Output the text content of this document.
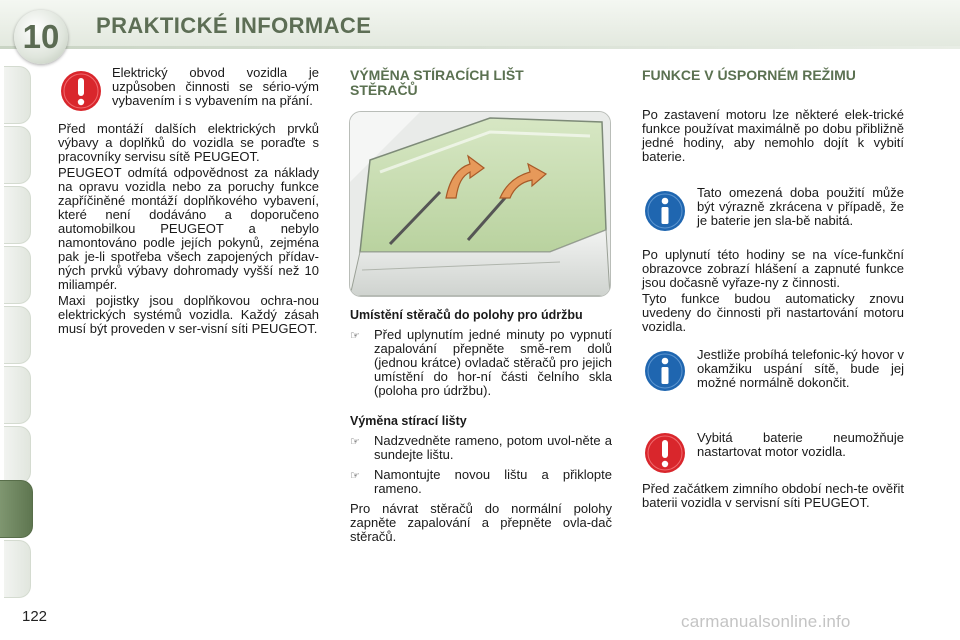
10	PRAKTICKÉ INFORMACE

Elektrický obvod vozidla je uzpůsoben činnosti se sério-vým vybavením i s vybavením na přání.

Před montáží dalších elektrických prvků výbavy a doplňků do vozidla se poraďte s pracovníky servisu sítě PEUGEOT.

PEUGEOT odmítá odpovědnost za náklady na opravu vozidla nebo za poruchy funkce zapříčiněné montáží doplňkového vybavení, které není dodáváno a doporučeno automobilkou PEUGEOT a nebylo namontováno podle jejích pokynů, zejména pak je-li spotřeba všech zapojených přídav-ných prvků výbavy dohromady vyšší než 10 miliampér.

Maxi pojistky jsou doplňkovou ochra-nou elektrických systémů vozidla. Každý zásah musí být proveden v ser-visní síti PEUGEOT.

VÝMĚNA STÍRACÍCH LIŠT STĚRAČŮ
Umístění stěračů do polohy pro údržbu
☞	Před uplynutím jedné minuty po vypnutí zapalování přepněte smě-rem dolů (jednou krátce) ovladač stěračů pro jejich umístění do hor-ní části čelního skla (poloha pro údržbu).
Výměna stírací lišty
☞	Nadzvedněte rameno, potom uvol-něte a sundejte lištu.
☞	Namontujte novou lištu a přiklopte rameno.

Pro návrat stěračů do normální polohy zapněte zapalování a přepněte ovla-dač stěračů.

FUNKCE V ÚSPORNÉM REŽIMU

Po zastavení motoru lze některé elek-trické funkce používat maximálně po dobu přibližně jedné hodiny, aby nemohlo dojít k vybití baterie.

Tato omezená doba použití může být výrazně zkrácena v případě, že je baterie jen sla-bě nabitá.

Po uplynutí této hodiny se na více-funkční obrazovce zobrazí hlášení a zapnuté funkce jsou dočasně vyřaze-ny z činnosti.

Tyto funkce budou automaticky znovu uvedeny do činnosti při nastartování motoru vozidla.

Jestliže probíhá telefonic-ký hovor v okamžiku uspání sítě, bude jej možné normálně dokončit.

Vybitá baterie neumožňuje nastartovat motor vozidla.

Před začátkem zimního období nech-te ověřit baterii vozidla v servisní síti PEUGEOT.

122	carmanualsonline.info
